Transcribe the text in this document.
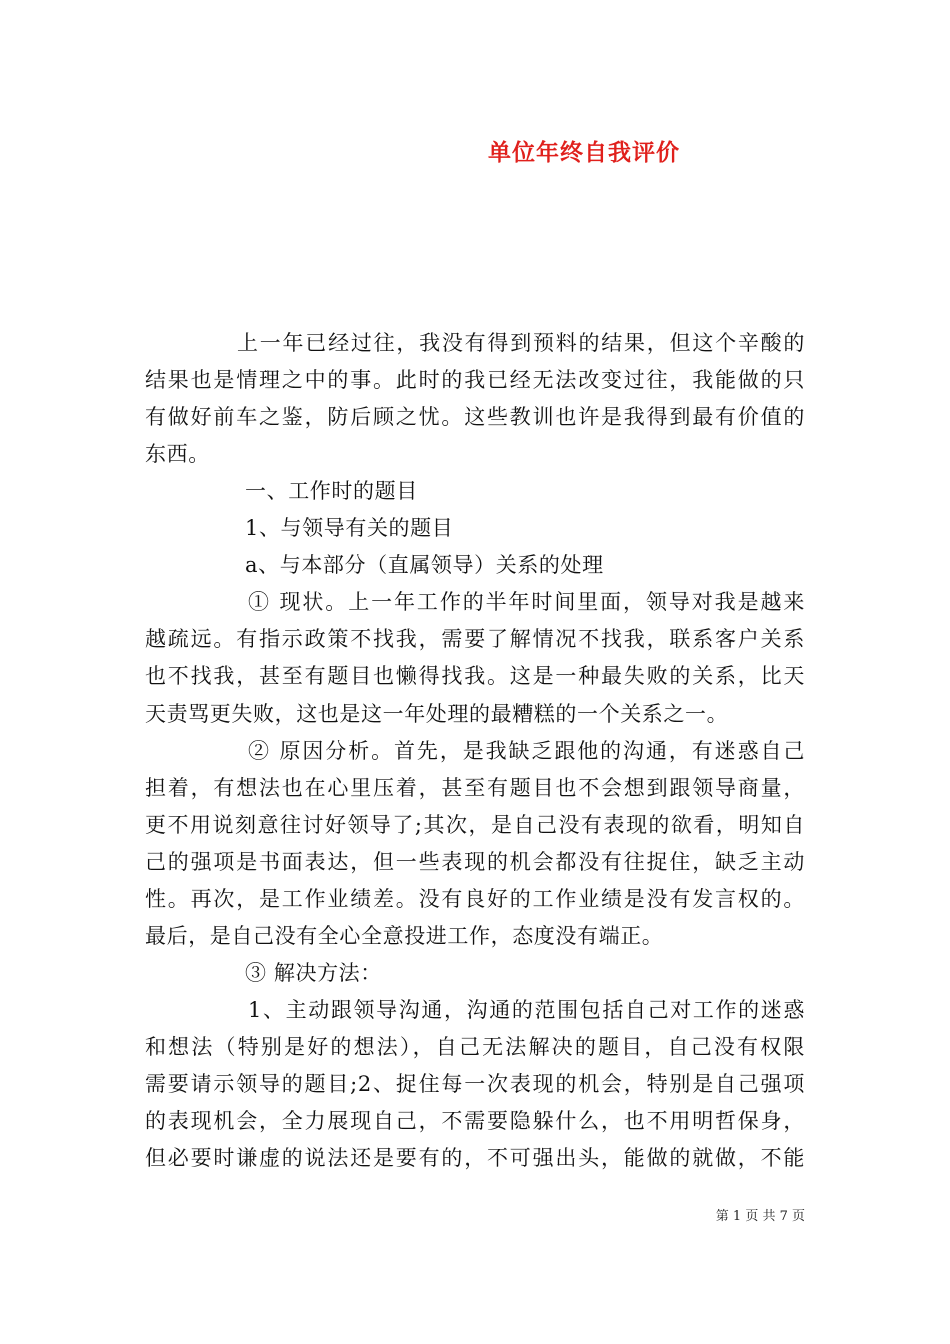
单位年终自我评价
上一年已经过往，我没有得到预料的结果，但这个辛酸的
结果也是情理之中的事。此时的我已经无法改变过往，我能做的只
有做好前车之鉴，防后顾之忧。这些教训也许是我得到最有价值的
东西。
一、工作时的题目
1、与领导有关的题目
a、与本部分（直属领导）关系的处理
① 现状。上一年工作的半年时间里面，领导对我是越来
越疏远。有指示政策不找我，需要了解情况不找我，联系客户关系
也不找我，甚至有题目也懒得找我。这是一种最失败的关系，比天
天责骂更失败，这也是这一年处理的最糟糕的一个关系之一。
② 原因分析。首先，是我缺乏跟他的沟通，有迷惑自己
担着，有想法也在心里压着，甚至有题目也不会想到跟领导商量，
更不用说刻意往讨好领导了;其次，是自己没有表现的欲看，明知自
己的强项是书面表达，但一些表现的机会都没有往捉住，缺乏主动
性。再次，是工作业绩差。没有良好的工作业绩是没有发言权的。
最后，是自己没有全心全意投进工作，态度没有端正。
③ 解决方法：
1、主动跟领导沟通，沟通的范围包括自己对工作的迷惑
和想法（特别是好的想法），自己无法解决的题目，自己没有权限
需要请示领导的题目;2、捉住每一次表现的机会，特别是自己强项
的表现机会，全力展现自己，不需要隐躲什么，也不用明哲保身，
但必要时谦虚的说法还是要有的，不可强出头，能做的就做，不能
第 1 页 共 7 页
